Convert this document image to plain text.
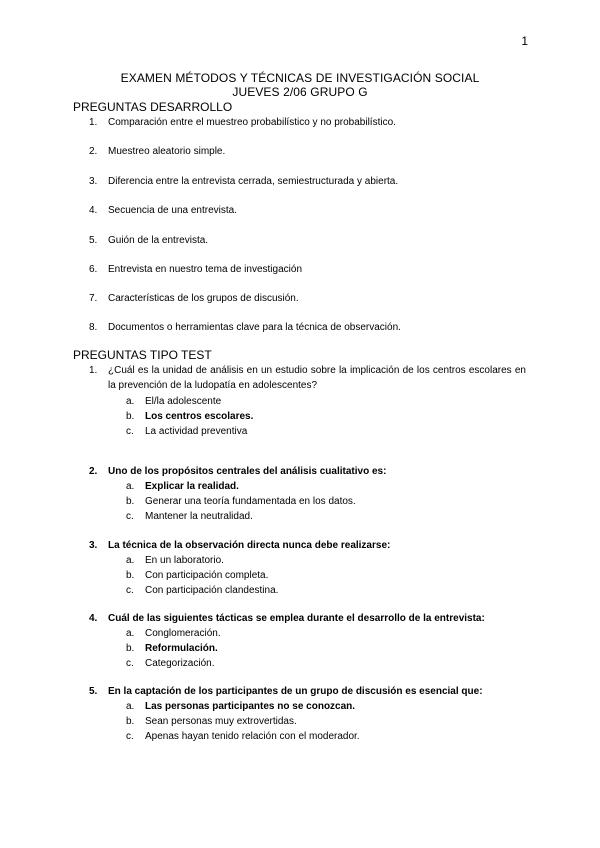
1
EXAMEN MÉTODOS Y TÉCNICAS DE INVESTIGACIÓN SOCIAL
JUEVES 2/06 GRUPO G
PREGUNTAS DESARROLLO
1.	Comparación entre el muestreo probabilístico y no probabilístico.
2.	Muestreo aleatorio simple.
3.	Diferencia entre la entrevista cerrada, semiestructurada y abierta.
4.	Secuencia de una entrevista.
5.	Guión de la entrevista.
6.	Entrevista en nuestro tema de investigación
7.	Características de los grupos de discusión.
8.	Documentos o herramientas clave para la técnica de observación.
PREGUNTAS TIPO TEST
1.	¿Cuál es la unidad de análisis en un estudio sobre la implicación de los centros escolares en la prevención de la ludopatía en adolescentes?
a.	El/la adolescente
b.	Los centros escolares.
c.	La actividad preventiva
2.	Uno de los propósitos centrales del análisis cualitativo es:
a.	Explicar la realidad.
b.	Generar una teoría fundamentada en los datos.
c.	Mantener la neutralidad.
3.	La técnica de la observación directa nunca debe realizarse:
a.	En un laboratorio.
b.	Con participación completa.
c.	Con participación clandestina.
4.	Cuál de las siguientes tácticas se emplea durante el desarrollo de la entrevista:
a.	Conglomeración.
b.	Reformulación.
c.	Categorización.
5.	En la captación de los participantes de un grupo de discusión es esencial que:
a.	Las personas participantes no se conozcan.
b.	Sean personas muy extrovertidas.
c.	Apenas hayan tenido relación con el moderador.
